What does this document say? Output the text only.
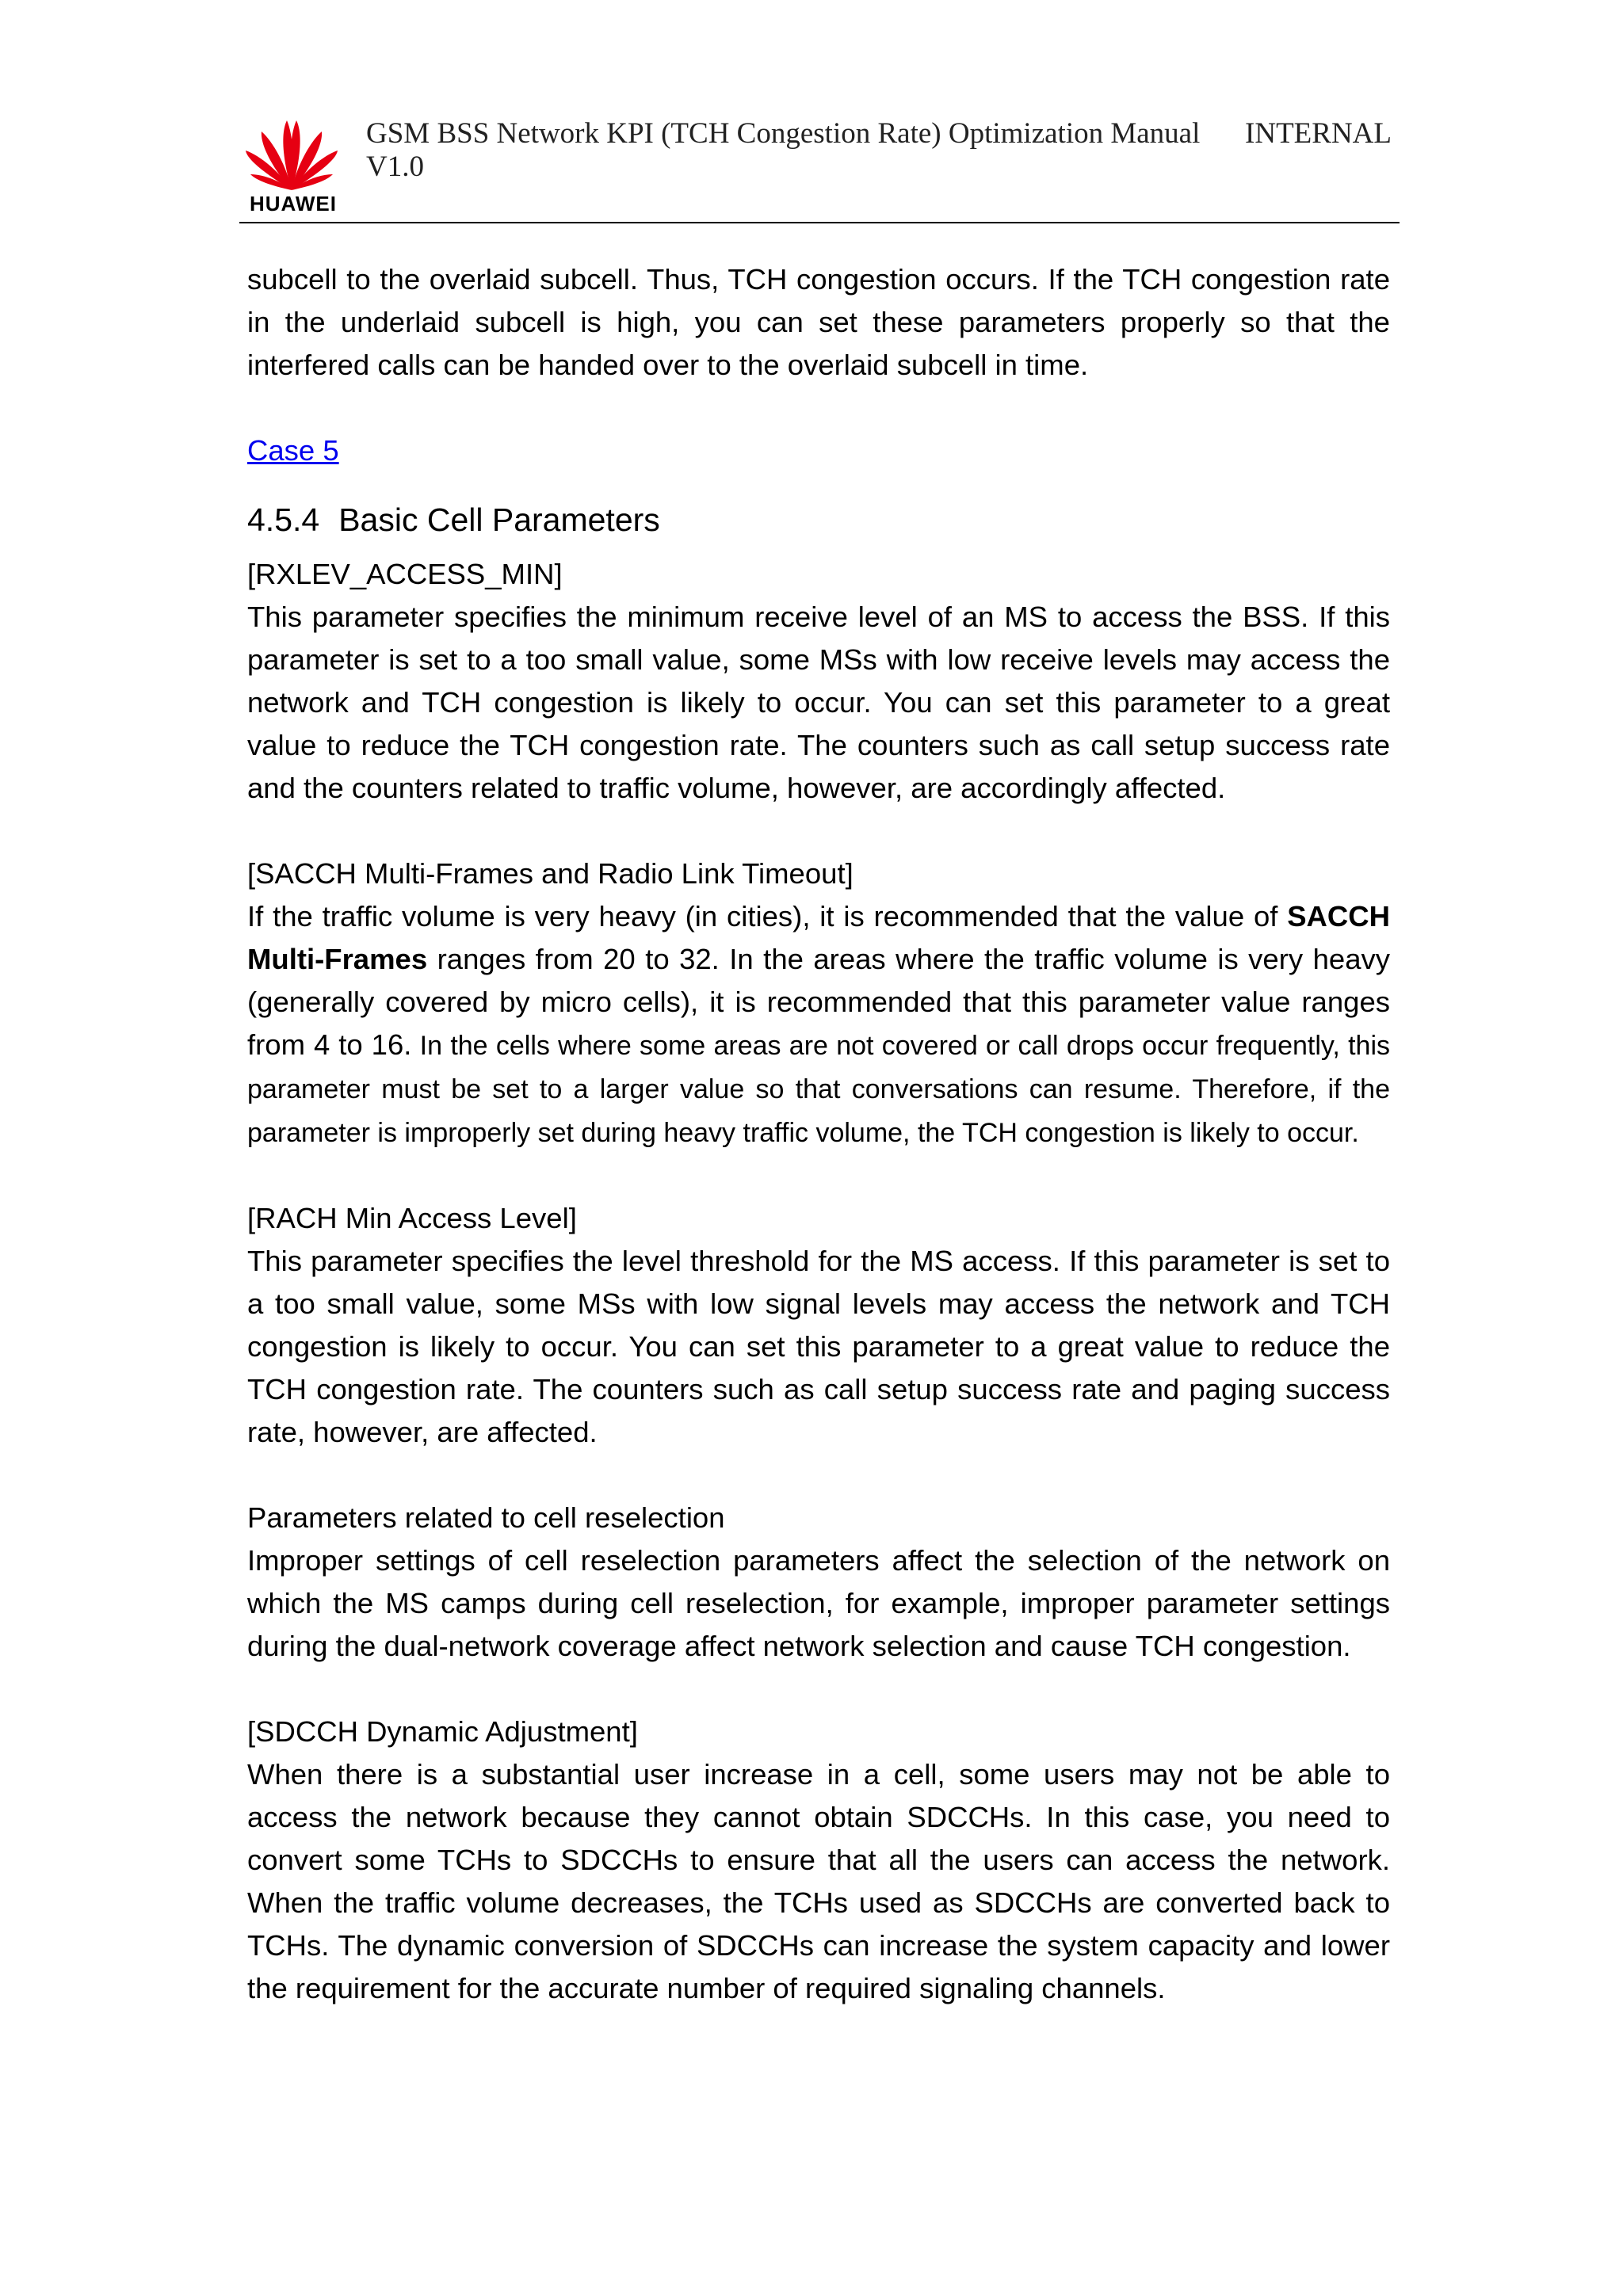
HUAWEI
GSM BSS Network KPI (TCH Congestion Rate) Optimization Manual
V1.0
INTERNAL

subcell to the overlaid subcell. Thus, TCH congestion occurs. If the TCH congestion rate in the underlaid subcell is high, you can set these parameters properly so that the interfered calls can be handed over to the overlaid subcell in time.

Case 5
4.5.4 Basic Cell Parameters

[RXLEV_ACCESS_MIN]

This parameter specifies the minimum receive level of an MS to access the BSS. If this parameter is set to a too small value, some MSs with low receive levels may access the network and TCH congestion is likely to occur. You can set this parameter to a great value to reduce the TCH congestion rate. The counters such as call setup success rate and the counters related to traffic volume, however, are accordingly affected.

[SACCH Multi-Frames and Radio Link Timeout]

If the traffic volume is very heavy (in cities), it is recommended that the value of SACCH Multi-Frames ranges from 20 to 32. In the areas where the traffic volume is very heavy (generally covered by micro cells), it is recommended that this parameter value ranges from 4 to 16. In the cells where some areas are not covered or call drops occur frequently, this parameter must be set to a larger value so that conversations can resume. Therefore, if the parameter is improperly set during heavy traffic volume, the TCH congestion is likely to occur.

[RACH Min Access Level]

This parameter specifies the level threshold for the MS access. If this parameter is set to a too small value, some MSs with low signal levels may access the network and TCH congestion is likely to occur. You can set this parameter to a great value to reduce the TCH congestion rate. The counters such as call setup success rate and paging success rate, however, are affected.

Parameters related to cell reselection

Improper settings of cell reselection parameters affect the selection of the network on which the MS camps during cell reselection, for example, improper parameter settings during the dual-network coverage affect network selection and cause TCH congestion.

[SDCCH Dynamic Adjustment]

When there is a substantial user increase in a cell, some users may not be able to access the network because they cannot obtain SDCCHs. In this case, you need to convert some TCHs to SDCCHs to ensure that all the users can access the network. When the traffic volume decreases, the TCHs used as SDCCHs are converted back to TCHs. The dynamic conversion of SDCCHs can increase the system capacity and lower the requirement for the accurate number of required signaling channels.
